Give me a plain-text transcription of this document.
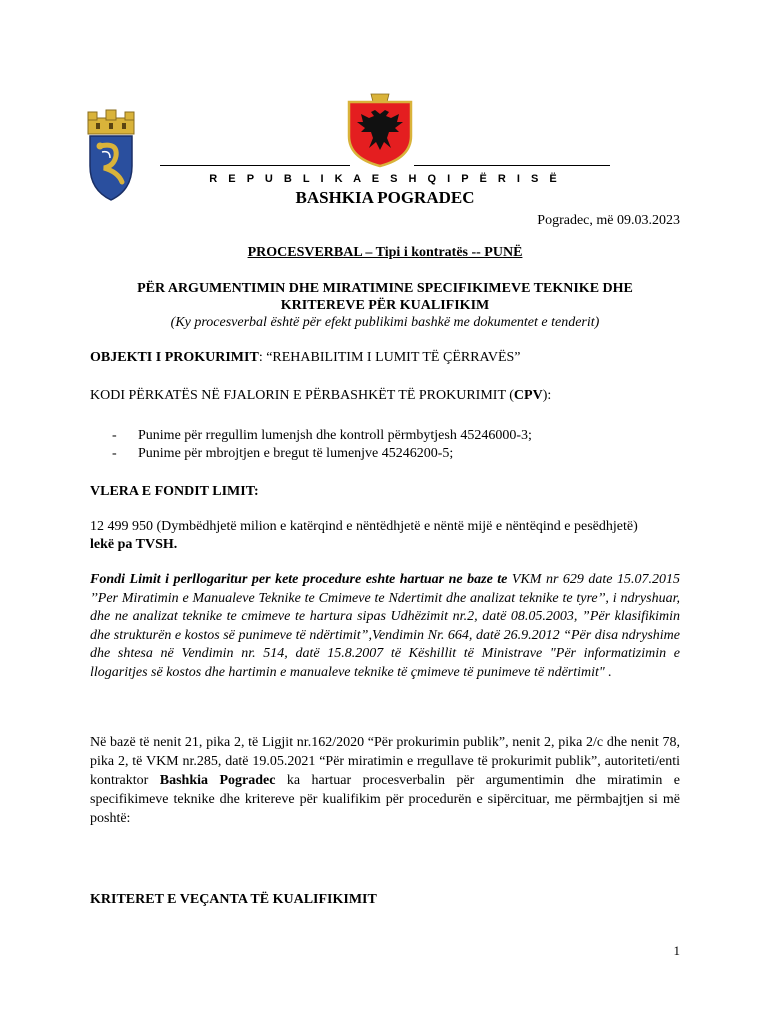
R E P U B L I K A E S H Q I P Ë R I S Ë
BASHKIA POGRADEC
Pogradec, më 09.03.2023
PROCESVERBAL – Tipi i kontratës -- PUNË
PËR ARGUMENTIMIN DHE MIRATIMINE SPECIFIKIMEVE TEKNIKE DHE
KRITEREVE PËR KUALIFIKIM
(Ky procesverbal është për efekt publikimi bashkë me dokumentet e tenderit)
OBJEKTI I PROKURIMIT: “REHABILITIM I LUMIT TË ÇËRRAVËS”
KODI PËRKATËS NË FJALORIN E PËRBASHKËT TË PROKURIMIT (CPV):
-	Punime për rregullim lumenjsh dhe kontroll përmbytjesh 45246000-3;
-	Punime për mbrojtjen e bregut të lumenjve 45246200-5;
VLERA E FONDIT LIMIT:
12 499 950 (Dymbëdhjetë milion e katërqind e nëntëdhjetë e nëntë mijë e nëntëqind e pesëdhjetë)
lekë pa TVSH.
Fondi Limit i perllogaritur per kete procedure eshte hartuar ne baze te VKM nr 629 date 15.07.2015 ’’Per Miratimin e Manualeve Teknike te Cmimeve te Ndertimit dhe analizat teknike te tyre’’, i ndryshuar, dhe ne analizat teknike te cmimeve te hartura sipas Udhëzimit nr.2, datë 08.05.2003, ”Për klasifikimin dhe strukturën e kostos së punimeve të ndërtimit”,Vendimin Nr. 664, datë 26.9.2012 “Për disa ndryshime dhe shtesa në Vendimin nr. 514, datë 15.8.2007 të Këshillit të Ministrave "Për informatizimin e llogaritjes së kostos dhe hartimin e manualeve teknike të çmimeve të punimeve të ndërtimit" .
Në bazë të nenit 21, pika 2, të Ligjit nr.162/2020 “Për prokurimin publik”, nenit 2, pika 2/c dhe nenit 78, pika 2, të VKM nr.285, datë 19.05.2021 “Për miratimin e rregullave të prokurimit publik”, autoriteti/enti kontraktor Bashkia Pogradec ka hartuar procesverbalin për argumentimin dhe miratimin e specifikimeve teknike dhe kritereve për kualifikim për procedurën e sipërcituar, me përmbajtjen si më poshtë:
KRITERET E VEÇANTA TË KUALIFIKIMIT
1
